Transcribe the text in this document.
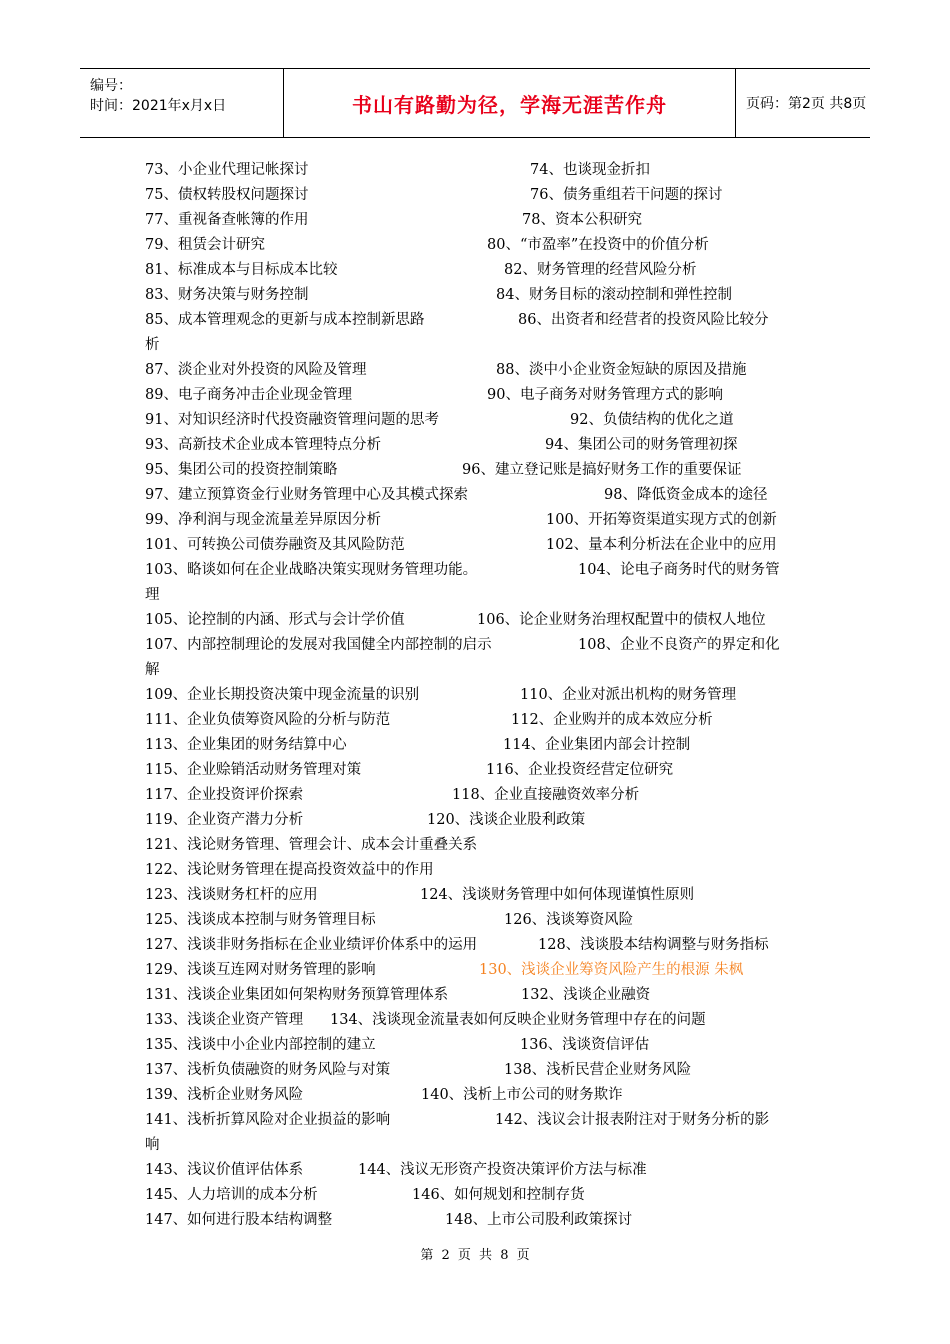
编号：
时间：2021年x月x日	书山有路勤为径，学海无涯苦作舟	页码：第2页 共8页
73、小企业代理记帐探讨	74、也谈现金折扣
75、债权转股权问题探讨	76、债务重组若干问题的探讨
77、重视备查帐簿的作用	78、资本公积研究
79、租赁会计研究	80、“市盈率”在投资中的价值分析
81、标准成本与目标成本比较	82、财务管理的经营风险分析
83、财务决策与财务控制	84、财务目标的滚动控制和弹性控制
85、成本管理观念的更新与成本控制新思路	86、出资者和经营者的投资风险比较分
析
87、淡企业对外投资的风险及管理	88、淡中小企业资金短缺的原因及措施
89、电子商务冲击企业现金管理	90、电子商务对财务管理方式的影响
91、对知识经济时代投资融资管理问题的思考	92、负债结构的优化之道
93、高新技术企业成本管理特点分析	94、集团公司的财务管理初探
95、集团公司的投资控制策略	96、建立登记账是搞好财务工作的重要保证
97、建立预算资金行业财务管理中心及其模式探索	98、降低资金成本的途径
99、净利润与现金流量差异原因分析	100、开拓筹资渠道实现方式的创新
101、可转换公司债券融资及其风险防范	102、量本利分析法在企业中的应用
103、略谈如何在企业战略决策实现财务管理功能。	104、论电子商务时代的财务管
理
105、论控制的内涵、形式与会计学价值	106、论企业财务治理权配置中的债权人地位
107、内部控制理论的发展对我国健全内部控制的启示	108、企业不良资产的界定和化
解
109、企业长期投资决策中现金流量的识别	110、企业对派出机构的财务管理
111、企业负债筹资风险的分析与防范	112、企业购并的成本效应分析
113、企业集团的财务结算中心	114、企业集团内部会计控制
115、企业赊销活动财务管理对策	116、企业投资经营定位研究
117、企业投资评价探索	118、企业直接融资效率分析
119、企业资产潜力分析	120、浅谈企业股利政策
121、浅论财务管理、管理会计、成本会计重叠关系
122、浅论财务管理在提高投资效益中的作用
123、浅谈财务杠杆的应用	124、浅谈财务管理中如何体现谨慎性原则
125、浅谈成本控制与财务管理目标	126、浅谈筹资风险
127、浅谈非财务指标在企业业绩评价体系中的运用	128、浅谈股本结构调整与财务指标
129、浅谈互连网对财务管理的影响	130、浅谈企业筹资风险产生的根源 朱枫
131、浅谈企业集团如何架构财务预算管理体系	132、浅谈企业融资
133、浅谈企业资产管理 134、浅谈现金流量表如何反映企业财务管理中存在的问题
135、浅谈中小企业内部控制的建立	136、浅谈资信评估
137、浅析负债融资的财务风险与对策	138、浅析民营企业财务风险
139、浅析企业财务风险	140、浅析上市公司的财务欺诈
141、浅析折算风险对企业损益的影响	142、浅议会计报表附注对于财务分析的影
响
143、浅议价值评估体系	144、浅议无形资产投资决策评价方法与标准
145、人力培训的成本分析	146、如何规划和控制存货
147、如何进行股本结构调整	148、上市公司股利政策探讨
第 2 页 共 8 页
